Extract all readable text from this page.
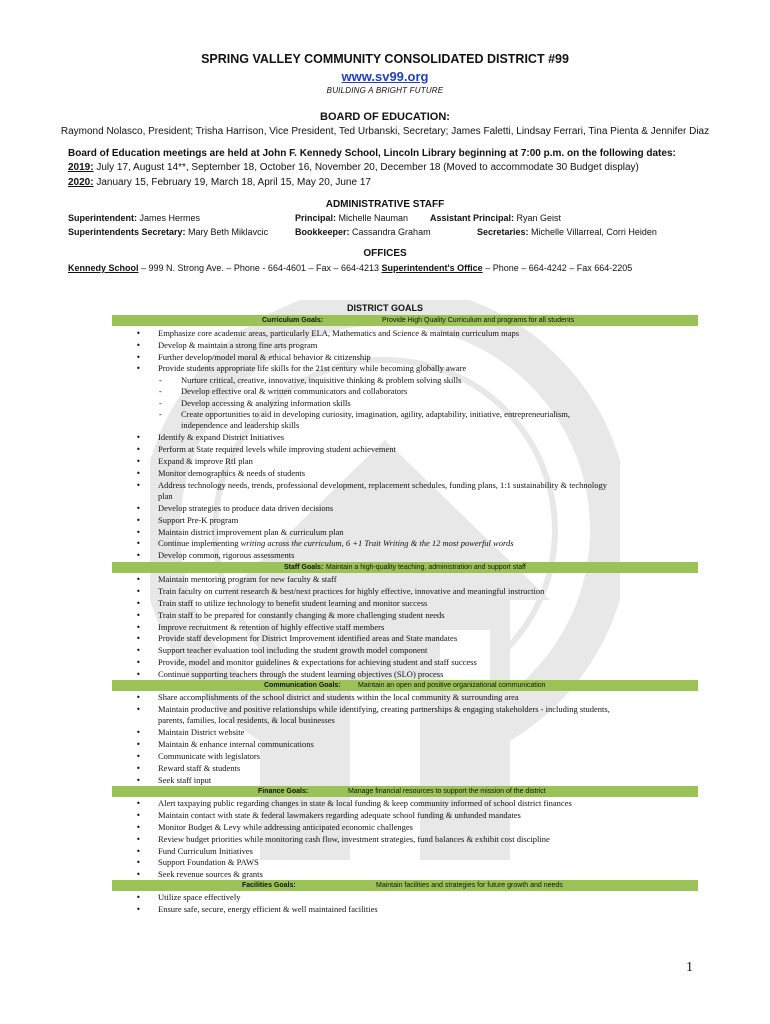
SPRING VALLEY COMMUNITY CONSOLIDATED DISTRICT #99
www.sv99.org
BUILDING A BRIGHT FUTURE
BOARD OF EDUCATION:
Raymond Nolasco, President; Trisha Harrison, Vice President, Ted Urbanski, Secretary; James Faletti, Lindsay Ferrari, Tina Pienta & Jennifer Diaz
Board of Education meetings are held at John F. Kennedy School, Lincoln Library beginning at 7:00 p.m. on the following dates:
2019: July 17, August 14**, September 18, October 16, November 20, December 18 (Moved to accommodate 30 Budget display)
2020: January 15, February 19, March 18, April 15, May 20, June 17
ADMINISTRATIVE STAFF
Superintendent: James Hermes	Principal: Michelle Nauman Assistant Principal: Ryan Geist
Superintendents Secretary: Mary Beth Miklavcic	Bookkeeper: Cassandra Graham	Secretaries: Michelle Villarreal, Corri Heiden
OFFICES
Kennedy School – 999 N. Strong Ave. – Phone - 664-4601 – Fax – 664-4213 Superintendent's Office – Phone – 664-4242 – Fax 664-2205
DISTRICT GOALS
Curriculum Goals:	Provide High Quality Curriculum and programs for all students
• Emphasize core academic areas, particularly ELA, Mathematics and Science & maintain curriculum maps
• Develop & maintain a strong fine arts program
• Further develop/model moral & ethical behavior & citizenship
• Provide students appropriate life skills for the 21st century while becoming globally aware
- Nurture critical, creative, innovative, inquisitive thinking & problem solving skills
- Develop effective oral & written communicators and collaborators
- Develop accessing & analyzing information skills
- Create opportunities to aid in developing curiosity, imagination, agility, adaptability, initiative, entrepreneurialism,
independence and leadership skills
• Identify & expand District Initiatives
• Perform at State required levels while improving student achievement
• Expand & improve RtI plan
• Monitor demographics & needs of students
• Address technology needs, trends, professional development, replacement schedules, funding plans, 1:1 sustainability & technology
plan
• Develop strategies to produce data driven decisions
• Support Pre-K program
• Maintain district improvement plan & curriculum plan
• Continue implementing writing across the curriculum, 6 +1 Trait Writing & the 12 most powerful words
• Develop common, rigorous assessments
Staff Goals: Maintain a high-quality teaching, administration and support staff
• Maintain mentoring program for new faculty & staff
• Train faculty on current research & best/next practices for highly effective, innovative and meaningful instruction
• Train staff to utilize technology to benefit student learning and monitor success
• Train staff to be prepared for constantly changing & more challenging student needs
• Improve recruitment & retention of highly effective staff members
• Provide staff development for District Improvement identified areas and State mandates
• Support teacher evaluation tool including the student growth model component
• Provide, model and monitor guidelines & expectations for achieving student and staff success
• Continue supporting teachers through the student learning objectives (SLO) process
Communication Goals: Maintain an open and positive organizational communication
• Share accomplishments of the school district and students within the local community & surrounding area
• Maintain productive and positive relationships while identifying, creating partnerships & engaging stakeholders - including students,
parents, families, local residents, & local businesses
• Maintain District website
• Maintain & enhance internal communications
• Communicate with legislators
• Reward staff & students
• Seek staff input
Finance Goals:	Manage financial resources to support the mission of the district
• Alert taxpaying public regarding changes in state & local funding & keep community informed of school district finances
• Maintain contact with state & federal lawmakers regarding adequate school funding & unfunded mandates
• Monitor Budget & Levy while addressing anticipated economic challenges
• Review budget priorities while monitoring cash flow, investment strategies, fund balances & exhibit cost discipline
• Fund Curriculum Initiatives
• Support Foundation & PAWS
• Seek revenue sources & grants
Facilities Goals:	Maintain facilities and strategies for future growth and needs
• Utilize space effectively
• Ensure safe, secure, energy efficient & well maintained facilities
1
